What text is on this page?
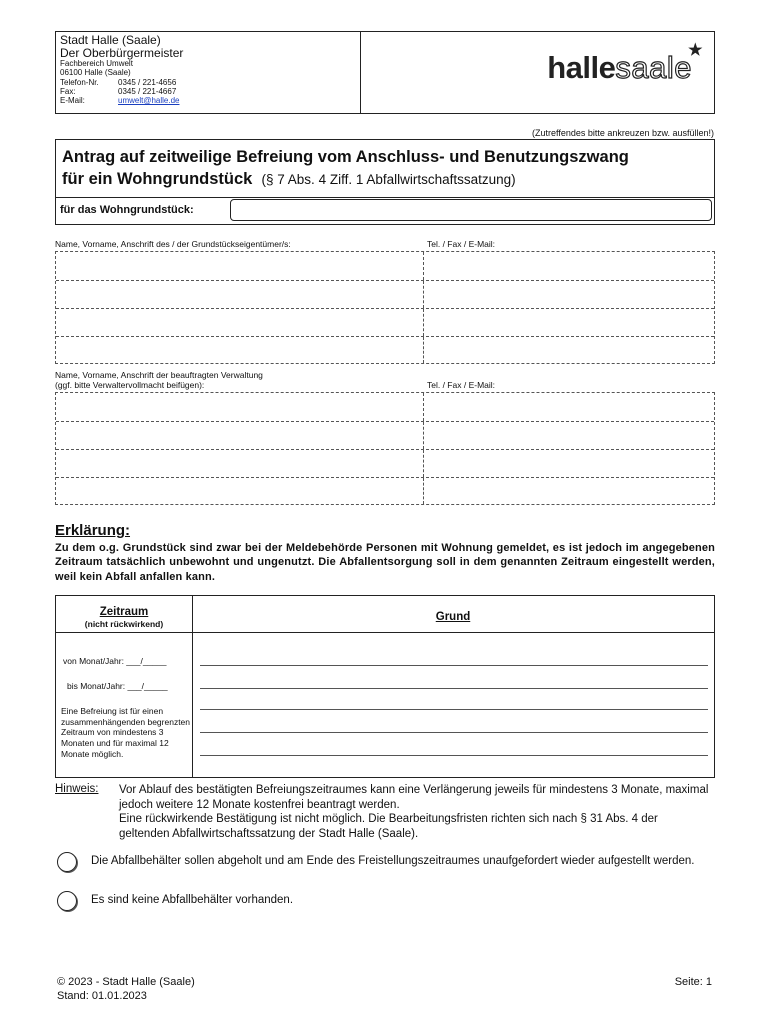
Stadt Halle (Saale)
Der Oberbürgermeister
Fachbereich Umwelt
06100 Halle (Saale)
Telefon-Nr.	0345 / 221-4656
Fax:	0345 / 221-4667
E-Mail:	umwelt@halle.de
hallesaale
★
(Zutreffendes bitte ankreuzen bzw. ausfüllen!)
Antrag auf zeitweilige Befreiung vom Anschluss- und Benutzungszwang
für ein Wohngrundstück (§ 7 Abs. 4 Ziff. 1 Abfallwirtschaftssatzung)
für das Wohngrundstück:
Name, Vorname, Anschrift des / der Grundstückseigentümer/s:	Tel. / Fax / E-Mail:
Name, Vorname, Anschrift der beauftragten Verwaltung
(ggf. bitte Verwaltervollmacht beifügen):	Tel. / Fax / E-Mail:
Erklärung:
Zu dem o.g. Grundstück sind zwar bei der Meldebehörde Personen mit Wohnung gemeldet, es ist jedoch im angegebenen Zeitraum tatsächlich unbewohnt und ungenutzt. Die Abfallentsorgung soll in dem genannten Zeitraum eingestellt werden, weil kein Abfall anfallen kann.
Zeitraum
(nicht rückwirkend)
Grund
von Monat/Jahr: ___/_____
bis Monat/Jahr: ___/_____
Eine Befreiung ist für einen zusammenhängenden begrenzten Zeitraum von mindestens 3 Monaten und für maximal 12 Monate möglich.
Hinweis: Vor Ablauf des bestätigten Befreiungszeitraumes kann eine Verlängerung jeweils für mindestens 3 Monate, maximal jedoch weitere 12 Monate kostenfrei beantragt werden.
Eine rückwirkende Bestätigung ist nicht möglich. Die Bearbeitungsfristen richten sich nach § 31 Abs. 4 der geltenden Abfallwirtschaftssatzung der Stadt Halle (Saale).
Die Abfallbehälter sollen abgeholt und am Ende des Freistellungszeitraumes unaufgefordert wieder aufgestellt werden.
Es sind keine Abfallbehälter vorhanden.
© 2023 - Stadt Halle (Saale)
Stand: 01.01.2023
Seite: 1
